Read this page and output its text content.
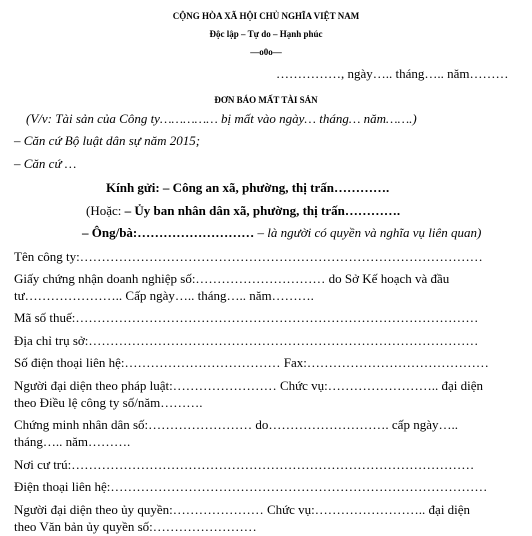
CỘNG HÒA XÃ HỘI CHỦ NGHĨA VIỆT NAM
Độc lập – Tự do – Hạnh phúc
—o0o—
……………, ngày….. tháng….. năm………
ĐƠN BÁO MẤT TÀI SẢN
(V/v: Tài sản của Công ty…………… bị mất vào ngày… tháng… năm…….)
– Căn cứ Bộ luật dân sự năm 2015;
– Căn cứ …
Kính gửi: – Công an xã, phường, thị trấn………….
(Hoặc: – Ủy ban nhân dân xã, phường, thị trấn………….
– Ông/bà:……………………… – là người có quyền và nghĩa vụ liên quan)
Tên công ty:…………………………………………………………………………………
Giấy chứng nhận doanh nghiệp số:………………………… do Sở Kế hoạch và đầu
tư………………….. Cấp ngày….. tháng….. năm……….
Mã số thuế:…………………………………………………………………………………
Địa chỉ trụ sở:………………………………………………………………………………
Số điện thoại liên hệ:……………………………… Fax:……………………………………
Người đại diện theo pháp luật:…………………… Chức vụ:…………………….. đại diện
theo Điều lệ công ty số/năm……….
Chứng minh nhân dân số:…………………… do………………………. cấp ngày…..
tháng….. năm……….
Nơi cư trú:…………………………………………………………………………………
Điện thoại liên hệ:……………………………………………………………………………
Người đại diện theo ủy quyền:………………… Chức vụ:…………………….. đại diện
theo Văn bản ủy quyền số:……………………
